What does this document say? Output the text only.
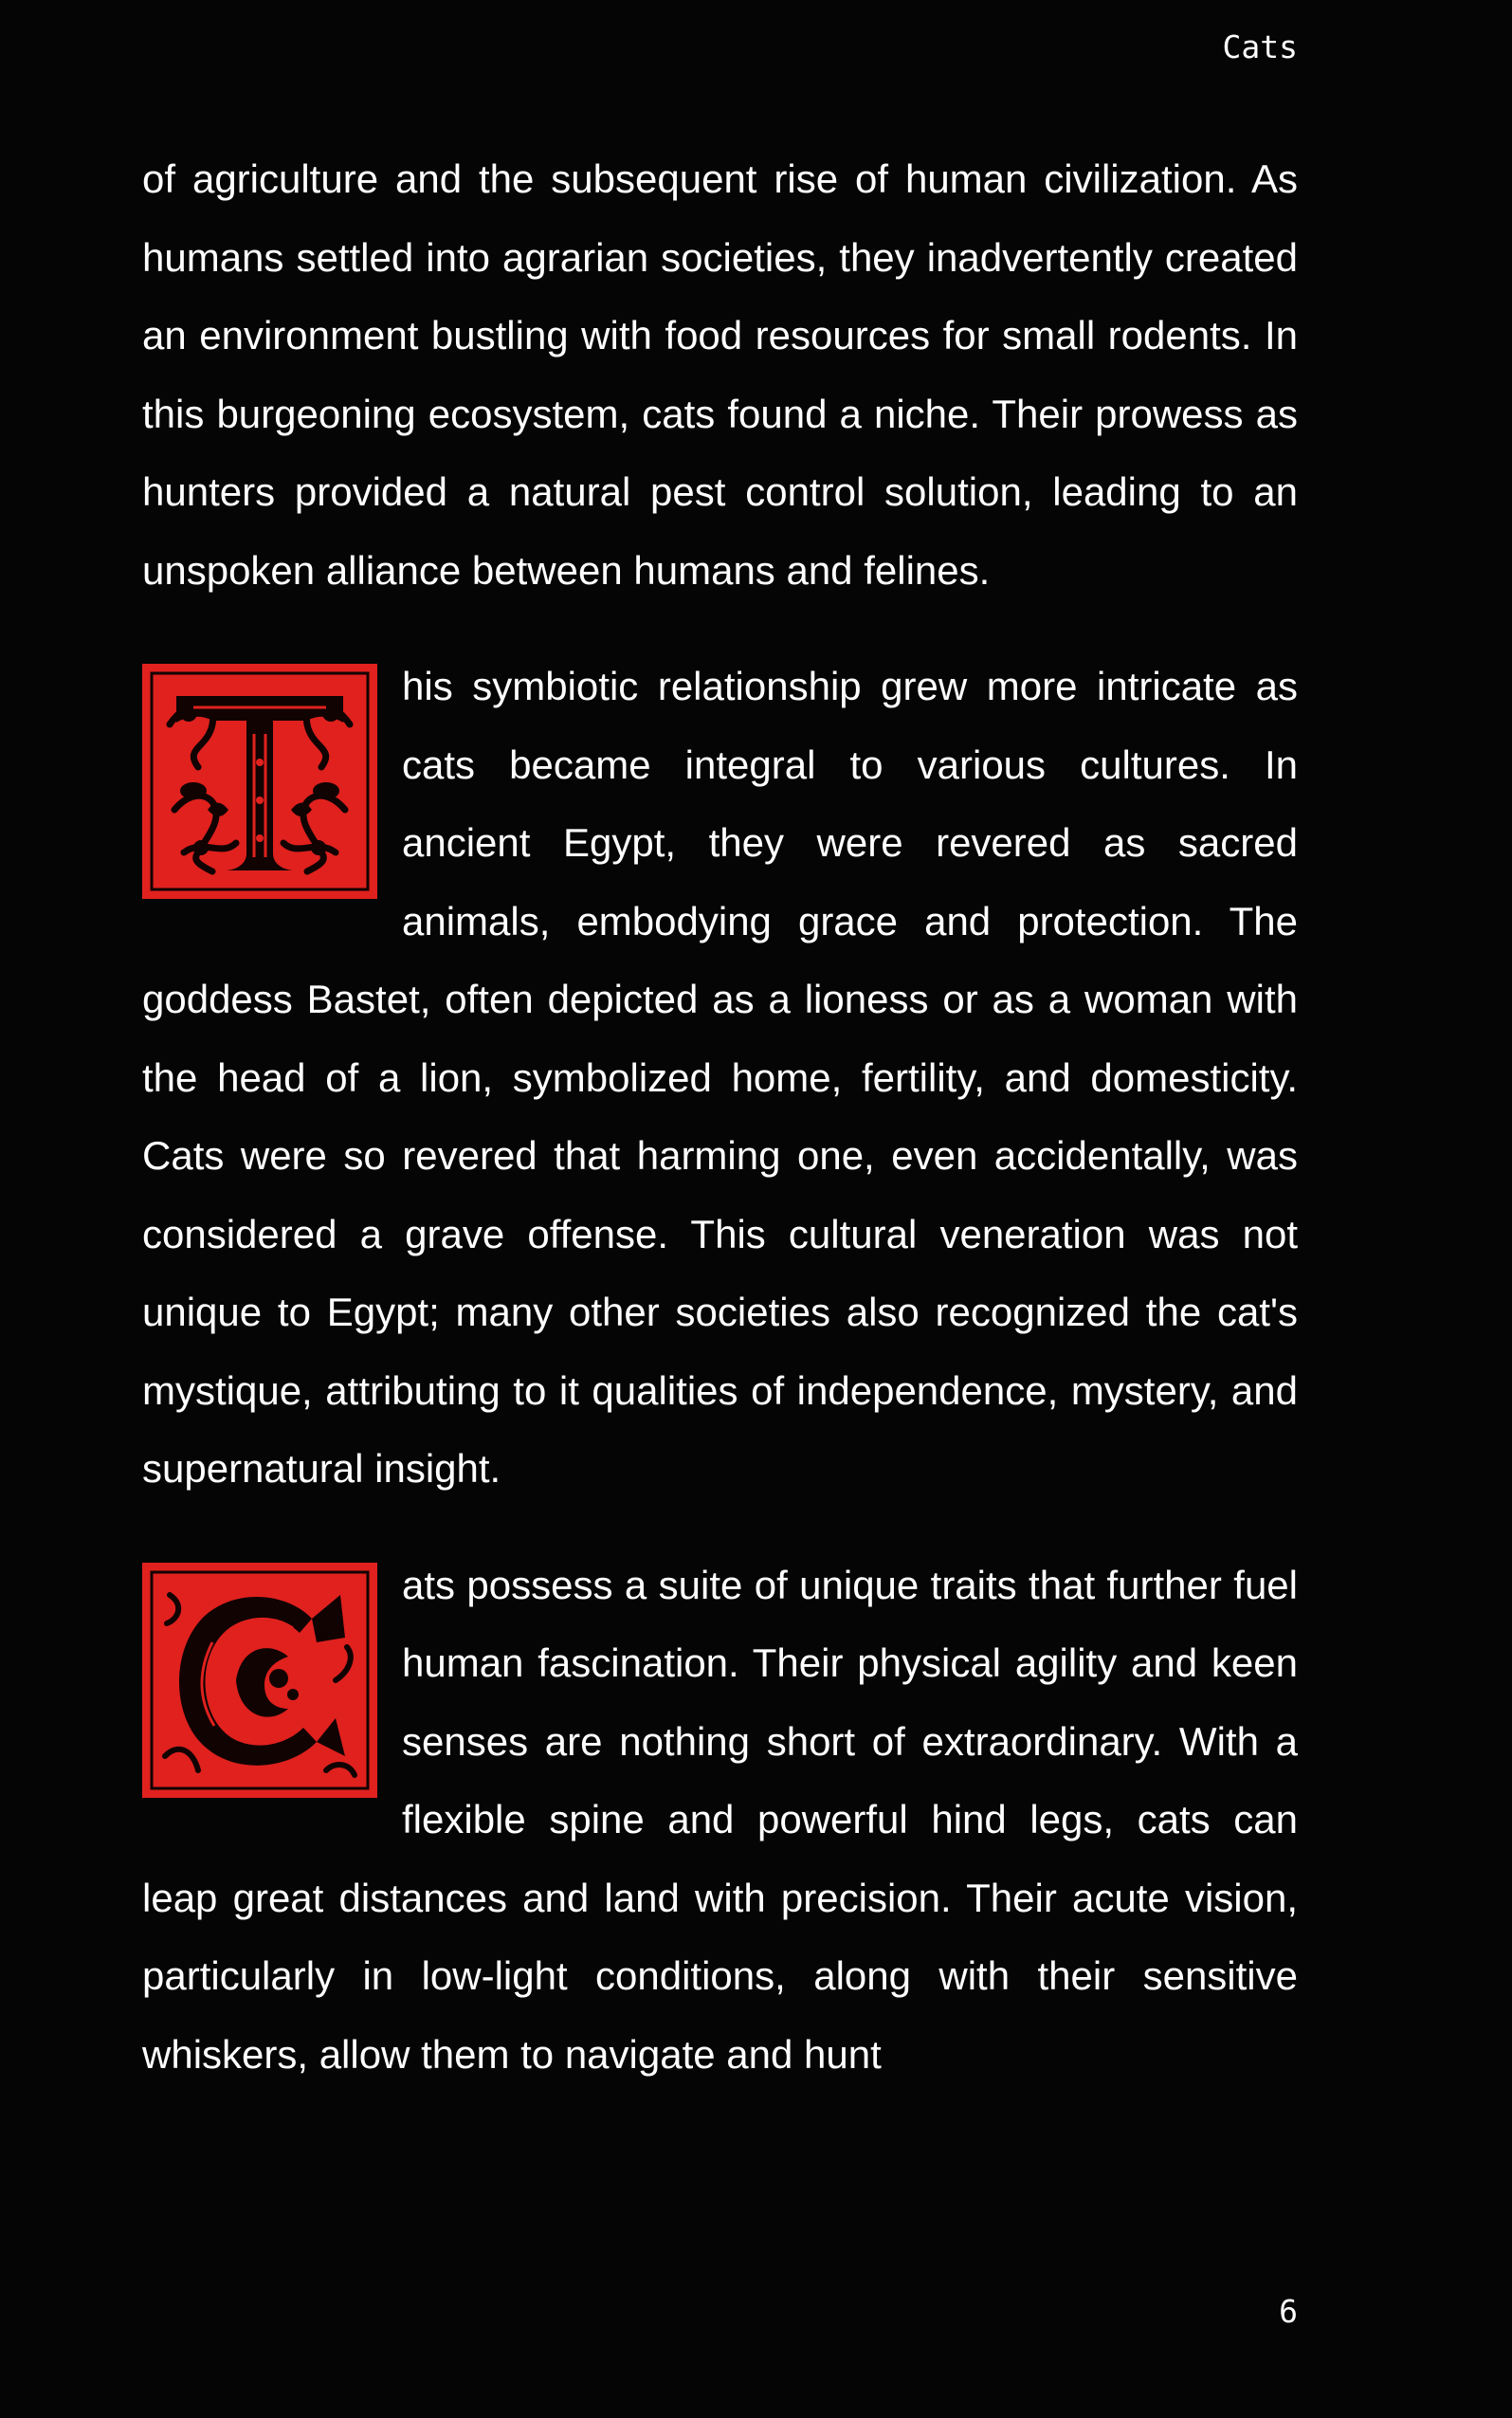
Cats

of agriculture and the subsequent rise of human civilization. As humans settled into agrarian societies, they inadvertently created an environment bustling with food resources for small rodents. In this burgeoning ecosystem, cats found a niche. Their prowess as hunters provided a natural pest control solution, leading to an unspoken alliance between humans and felines.

his symbiotic relationship grew more intricate as cats became integral to various cultures. In ancient Egypt, they were revered as sacred animals, embodying grace and protection. The goddess Bastet, often depicted as a lioness or as a woman with the head of a lion, symbolized home, fertility, and domesticity. Cats were so revered that harming one, even accidentally, was considered a grave offense. This cultural veneration was not unique to Egypt; many other societies also recognized the cat's mystique, attributing to it qualities of independence, mystery, and supernatural insight.

ats possess a suite of unique traits that further fuel human fascination. Their physical agility and keen senses are nothing short of extraordinary. With a flexible spine and powerful hind legs, cats can leap great distances and land with precision. Their acute vision, particularly in low-light conditions, along with their sensitive whiskers, allow them to navigate and hunt

6
